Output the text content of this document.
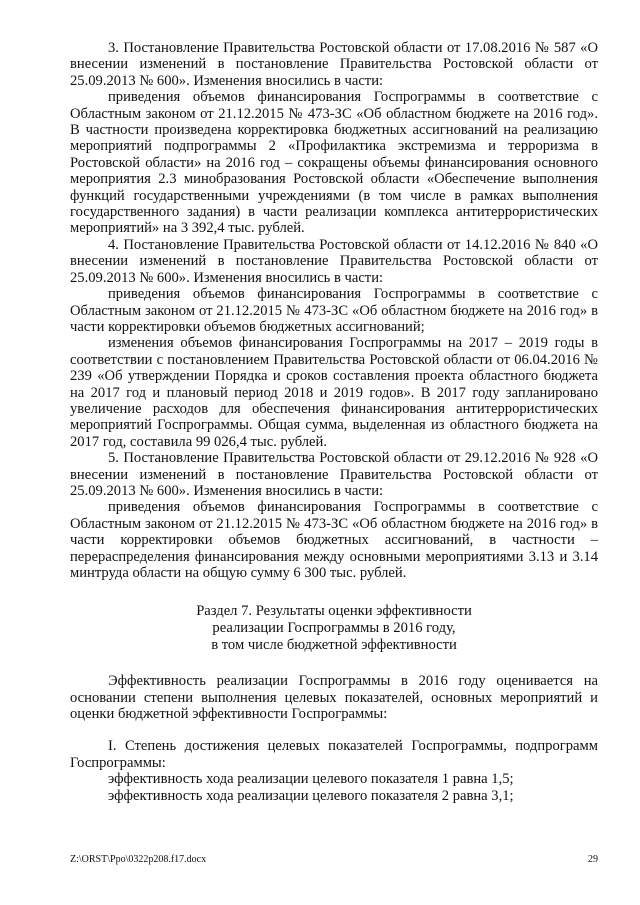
3. Постановление Правительства Ростовской области от 17.08.2016 № 587 «О внесении изменений в постановление Правительства Ростовской области от 25.09.2013 № 600». Изменения вносились в части:

приведения объемов финансирования Госпрограммы в соответствие с Областным законом от 21.12.2015 № 473-ЗС «Об областном бюджете на 2016 год». В частности произведена корректировка бюджетных ассигнований на реализацию мероприятий подпрограммы 2 «Профилактика экстремизма и терроризма в Ростовской области» на 2016 год – сокращены объемы финансирования основного мероприятия 2.3 минобразования Ростовской области «Обеспечение выполнения функций государственными учреждениями (в том числе в рамках выполнения государственного задания) в части реализации комплекса антитеррористических мероприятий» на 3 392,4 тыс. рублей.

4. Постановление Правительства Ростовской области от 14.12.2016 № 840 «О внесении изменений в постановление Правительства Ростовской области от 25.09.2013 № 600». Изменения вносились в части:

приведения объемов финансирования Госпрограммы в соответствие с Областным законом от 21.12.2015 № 473-ЗС «Об областном бюджете на 2016 год» в части корректировки объемов бюджетных ассигнований;

изменения объемов финансирования Госпрограммы на 2017 – 2019 годы в соответствии с постановлением Правительства Ростовской области от 06.04.2016 № 239 «Об утверждении Порядка и сроков составления проекта областного бюджета на 2017 год и плановый период 2018 и 2019 годов». В 2017 году запланировано увеличение расходов для обеспечения финансирования антитеррористических мероприятий Госпрограммы. Общая сумма, выделенная из областного бюджета на 2017 год, составила 99 026,4 тыс. рублей.

5. Постановление Правительства Ростовской области от 29.12.2016 № 928 «О внесении изменений в постановление Правительства Ростовской области от 25.09.2013 № 600». Изменения вносились в части:

приведения объемов финансирования Госпрограммы в соответствие с Областным законом от 21.12.2015 № 473-ЗС «Об областном бюджете на 2016 год» в части корректировки объемов бюджетных ассигнований, в частности – перераспределения финансирования между основными мероприятиями 3.13 и 3.14 минтруда области на общую сумму 6 300 тыс. рублей.

Раздел 7. Результаты оценки эффективности

реализации Госпрограммы в 2016 году,

в том числе бюджетной эффективности

Эффективность реализации Госпрограммы в 2016 году оценивается на основании степени выполнения целевых показателей, основных мероприятий и оценки бюджетной эффективности Госпрограммы:

I. Степень достижения целевых показателей Госпрограммы, подпрограмм Госпрограммы:

эффективность хода реализации целевого показателя 1 равна 1,5;

эффективность хода реализации целевого показателя 2 равна 3,1;

Z:\ORST\Ppo\0322p208.f17.docx	29
